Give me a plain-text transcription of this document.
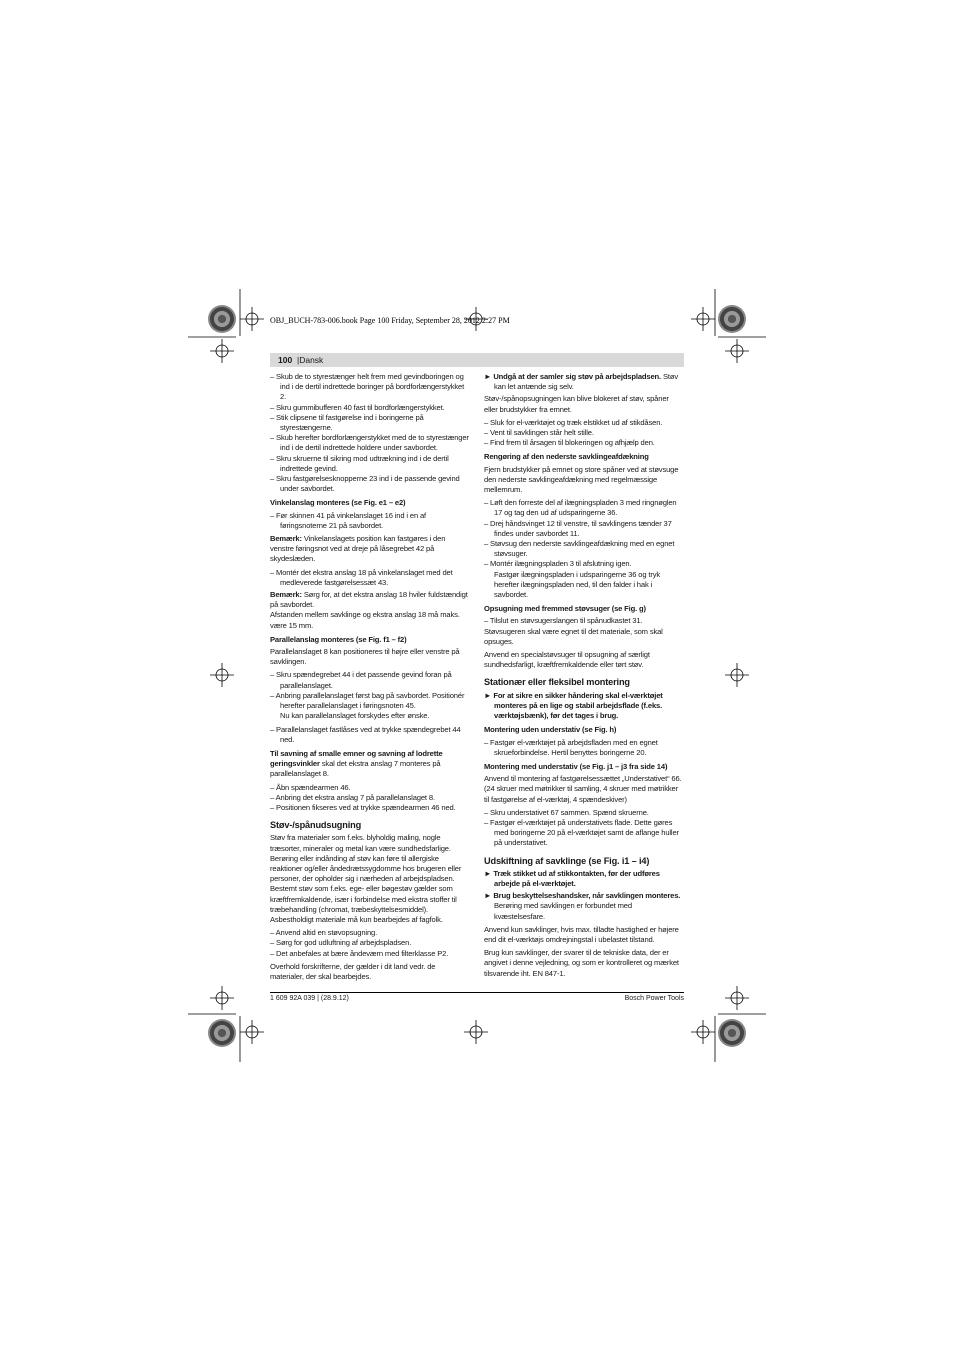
OBJ_BUCH-783-006.book Page 100 Friday, September 28, 2012 2:27 PM
100 |Dansk

– Skub de to styrestænger helt frem med gevindboringen og ind i de dertil indrettede boringer på bordforlængerstykket 2.

– Skru gummibufferen 40 fast til bordforlængerstykket.

– Stik clipsene til fastgørelse ind i boringerne på styrestængerne.

– Skub herefter bordforlængerstykket med de to styrestænger ind i de dertil indrettede holdere under savbordet.

– Skru skruerne til sikring mod udtrækning ind i de dertil indrettede gevind.

– Skru fastgørelsesknopperne 23 ind i de passende gevind under savbordet.

Vinkelanslag monteres (se Fig. e1 – e2)

– Før skinnen 41 på vinkelanslaget 16 ind i en af føringsnoterne 21 på savbordet.

Bemærk: Vinkelanslagets position kan fastgøres i den venstre føringsnot ved at dreje på låsegrebet 42 på skydeslæden.

– Montér det ekstra anslag 18 på vinkelanslaget med det medleverede fastgørelsessæt 43.

Bemærk: Sørg for, at det ekstra anslag 18 hviler fuldstændigt på savbordet.

Afstanden mellem savklinge og ekstra anslag 18 må maks. være 15 mm.

Parallelanslag monteres (se Fig. f1 – f2)

Parallelanslaget 8 kan positioneres til højre eller venstre på savklingen.

– Skru spændegrebet 44 i det passende gevind foran på parallelanslaget.

– Anbring parallelanslaget først bag på savbordet. Positionér herefter parallelanslaget i føringsnoten 45.

Nu kan parallelanslaget forskydes efter ønske.

– Parallelanslaget fastlåses ved at trykke spændegrebet 44 ned.

Til savning af smalle emner og savning af lodrette geringsvinkler skal det ekstra anslag 7 monteres på parallelanslaget 8.

– Åbn spændearmen 46.

– Anbring det ekstra anslag 7 på parallelanslaget 8.

– Positionen fikseres ved at trykke spændearmen 46 ned.

Støv-/spånudsugning

Støv fra materialer som f.eks. blyholdig maling, nogle træsorter, mineraler og metal kan være sundhedsfarlige. Berøring eller indånding af støv kan føre til allergiske reaktioner og/eller åndedrætssygdomme hos brugeren eller personer, der opholder sig i nærheden af arbejdspladsen.

Bestemt støv som f.eks. ege- eller bøgestøv gælder som kræftfremkaldende, især i forbindelse med ekstra stoffer til træbehandling (chromat, træbeskyttelsesmiddel). Asbestholdigt materiale må kun bearbejdes af fagfolk.

– Anvend altid en støvopsugning.

– Sørg for god udluftning af arbejdspladsen.

– Det anbefales at bære åndeværn med filterklasse P2.

Overhold forskrifterne, der gælder i dit land vedr. de materialer, der skal bearbejdes.

► Undgå at der samler sig støv på arbejdspladsen. Støv kan let antænde sig selv.

Støv-/spånopsugningen kan blive blokeret af støv, spåner eller brudstykker fra emnet.

– Sluk for el-værktøjet og træk elstikket ud af stikdåsen.

– Vent til savklingen står helt stille.

– Find frem til årsagen til blokeringen og afhjælp den.

Rengøring af den nederste savklingeafdækning

Fjern brudstykker på emnet og store spåner ved at støvsuge den nederste savklingeafdækning med regelmæssige mellemrum.

– Løft den forreste del af ilægningspladen 3 med ringnøglen 17 og tag den ud af udsparingerne 36.

– Drej håndsvinget 12 til venstre, til savklingens tænder 37 findes under savbordet 11.

– Støvsug den nederste savklingeafdækning med en egnet støvsuger.

– Montér ilægningspladen 3 til afslutning igen.

Fastgør ilægningspladen i udsparingerne 36 og tryk herefter ilægningspladen ned, til den falder i hak i savbordet.

Opsugning med fremmed støvsuger (se Fig. g)

– Tilslut en støvsugerslangen til spånudkastet 31.

Støvsugeren skal være egnet til det materiale, som skal opsuges.

Anvend en specialstøvsuger til opsugning af særligt sundhedsfarligt, kræftfremkaldende eller tørt støv.

Stationær eller fleksibel montering

► For at sikre en sikker håndering skal el-værktøjet monteres på en lige og stabil arbejdsflade (f.eks. værktøjsbænk), før det tages i brug.

Montering uden understativ (se Fig. h)

– Fastgør el-værktøjet på arbejdsfladen med en egnet skrueforbindelse. Hertil benyttes boringerne 20.

Montering med understativ (se Fig. j1 – j3 fra side 14)

Anvend til montering af fastgørelsessættet „Understativet“ 66. (24 skruer med møtrikker til samling, 4 skruer med møtrikker til fastgørelse af el-værktøj, 4 spændeskiver)

– Skru understativet 67 sammen. Spænd skruerne.

– Fastgør el-værktøjet på understativets flade. Dette gøres med boringerne 20 på el-værktøjet samt de aflange huller på understativet.

Udskiftning af savklinge (se Fig. i1 – i4)

► Træk stikket ud af stikkontakten, før der udføres arbejde på el-værktøjet.

► Brug beskyttelseshandsker, når savklingen monteres.

Berøring med savklingen er forbundet med kvæstelsesfare.

Anvend kun savklinger, hvis max. tilladte hastighed er højere end dit el-værktøjs omdrejningstal i ubelastet tilstand.

Brug kun savklinger, der svarer til de tekniske data, der er angivet i denne vejledning, og som er kontrolleret og mærket tilsvarende iht. EN 847-1.

1 609 92A 039 | (28.9.12)	Bosch Power Tools
